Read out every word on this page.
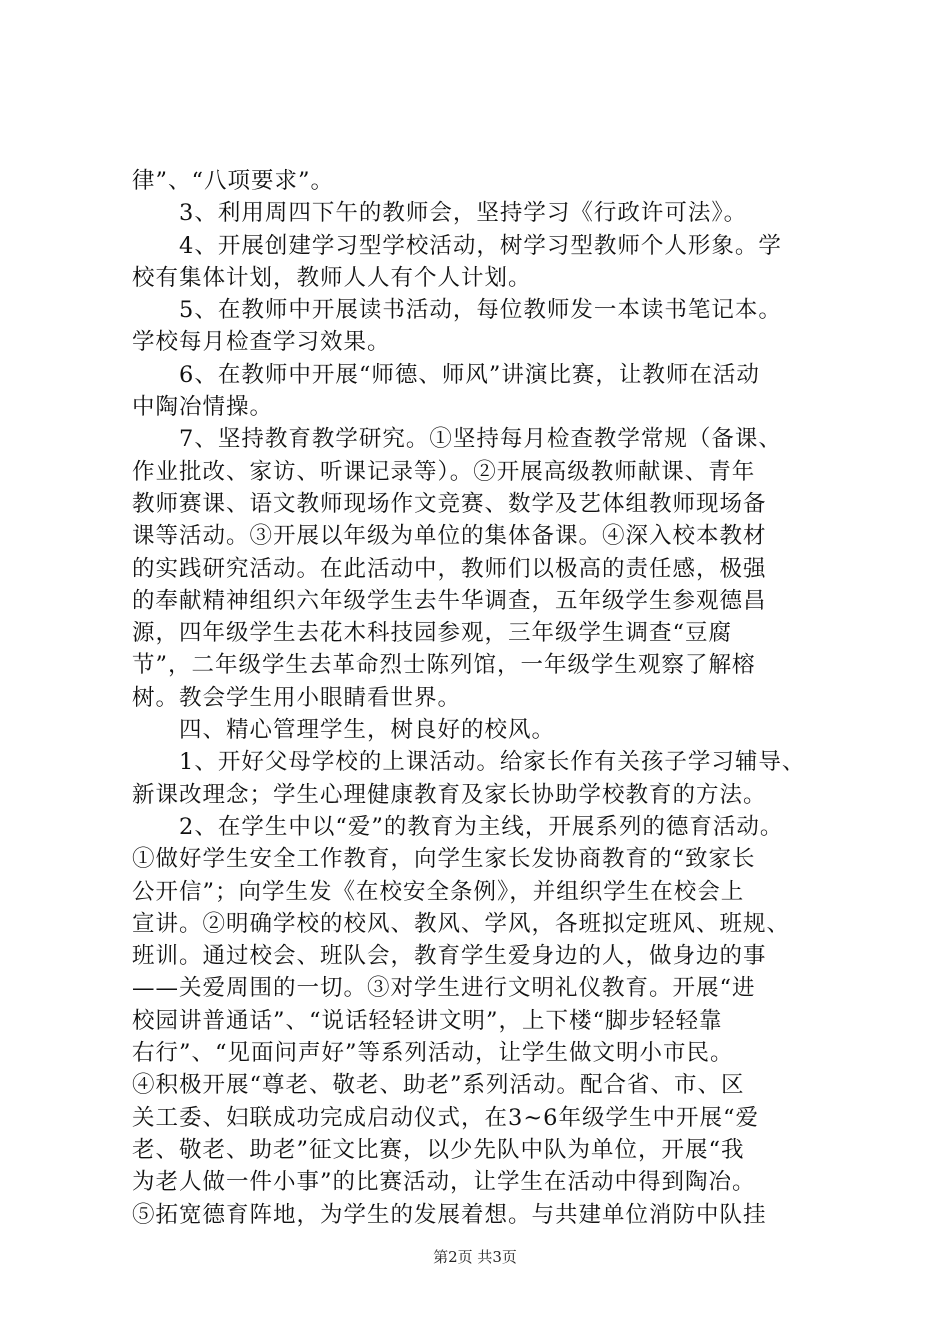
律”、“八项要求”。
　　3、利用周四下午的教师会，坚持学习《行政许可法》。
　　4、开展创建学习型学校活动，树学习型教师个人形象。学
校有集体计划，教师人人有个人计划。
　　5、在教师中开展读书活动，每位教师发一本读书笔记本。
学校每月检查学习效果。
　　6、在教师中开展“师德、师风”讲演比赛，让教师在活动
中陶冶情操。
　　7、坚持教育教学研究。①坚持每月检查教学常规（备课、
作业批改、家访、听课记录等）。②开展高级教师献课、青年
教师赛课、语文教师现场作文竞赛、数学及艺体组教师现场备
课等活动。③开展以年级为单位的集体备课。④深入校本教材
的实践研究活动。在此活动中，教师们以极高的责任感，极强
的奉献精神组织六年级学生去牛华调查，五年级学生参观德昌
源，四年级学生去花木科技园参观，三年级学生调查“豆腐
节”，二年级学生去革命烈士陈列馆，一年级学生观察了解榕
树。教会学生用小眼睛看世界。
　　四、精心管理学生，树良好的校风。
　　1、开好父母学校的上课活动。给家长作有关孩子学习辅导、
新课改理念；学生心理健康教育及家长协助学校教育的方法。
　　2、在学生中以“爱”的教育为主线，开展系列的德育活动。
①做好学生安全工作教育，向学生家长发协商教育的“致家长
公开信”；向学生发《在校安全条例》，并组织学生在校会上
宣讲。②明确学校的校风、教风、学风，各班拟定班风、班规、
班训。通过校会、班队会，教育学生爱身边的人，做身边的事
——关爱周围的一切。③对学生进行文明礼仪教育。开展“进
校园讲普通话”、“说话轻轻讲文明”，上下楼“脚步轻轻靠
右行”、“见面问声好”等系列活动，让学生做文明小市民。
④积极开展“尊老、敬老、助老”系列活动。配合省、市、区
关工委、妇联成功完成启动仪式，在3~6年级学生中开展“爱
老、敬老、助老”征文比赛，以少先队中队为单位，开展“我
为老人做一件小事”的比赛活动，让学生在活动中得到陶冶。
⑤拓宽德育阵地，为学生的发展着想。与共建单位消防中队挂
第2页 共3页
